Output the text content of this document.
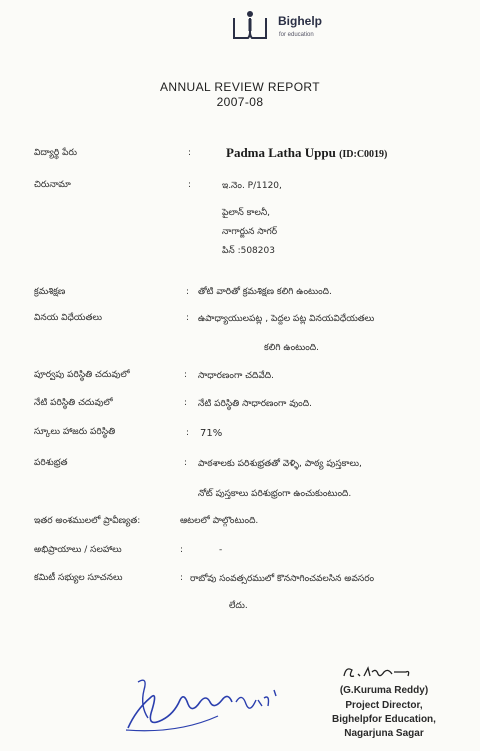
Bighelp
for education
ANNUAL REVIEW REPORT
2007-08
విద్యార్థి పేరు	:	Padma Latha Uppu (ID:C0019)
చిరునామా	:	ఇ.నెం. P/1120,
పైలాన్ కాలనీ,
నాగార్జున సాగర్
పిన్ :508203
క్రమశిక్షణ	: తోటి వారితో క్రమశిక్షణ కలిగి ఉంటుంది.
వినయ విధేయతలు	: ఉపాధ్యాయులపట్ల , పెద్దల పట్ల వినయవిధేయతలు
కలిగి ఉంటుంది.
పూర్వపు పరిస్థితి చదువులో	: సాధారణంగా చదివేది.
నేటి పరిస్థితి చదువులో	: నేటి పరిస్థితి సాధారణంగా వుంది.
స్కూలు హాజరు పరిస్థితి	: 71%
పరిశుభ్రత	: పాఠశాలకు పరిశుభ్రతతో వెళ్ళి, పాఠ్య పుస్తకాలు,
నోట్ పుస్తకాలు పరిశుభ్రంగా ఉంచుకుంటుంది.
ఇతర అంశములలో ప్రావీణ్యత:	ఆటలలో పాల్గొంటుంది.
అభిప్రాయాలు / సలహాలు	:	-
కమిటీ సభ్యుల సూచనలు	: రాబోవు సంవత్సరములో కొనసాగించవలసిన అవసరం
లేదు.
(G.Kuruma Reddy)
Project Director,
Bighelpfor Education,
Nagarjuna Sagar
